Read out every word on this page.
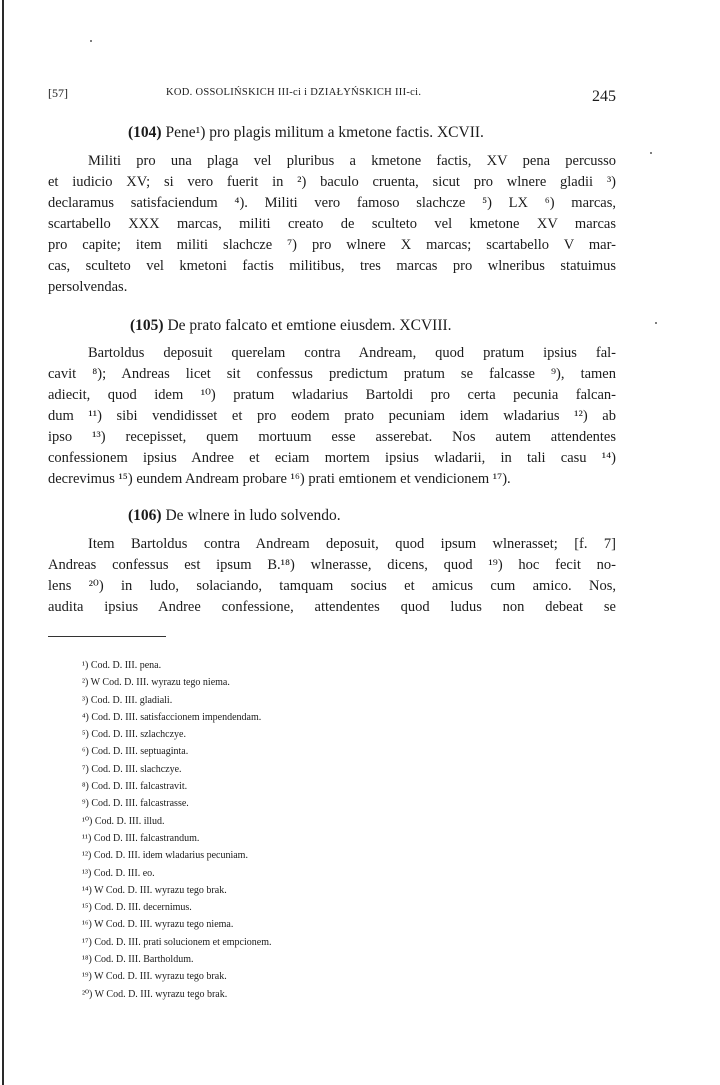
[57]	KOD. OSSOLIŃSKICH III-ci i DZIAŁYŃSKICH III-ci.	245
(104) Pene¹) pro plagis militum a kmetone factis. XCVII.
Militi pro una plaga vel pluribus a kmetone factis, XV pena percusso
et iudicio XV; si vero fuerit in ²) baculo cruenta, sicut pro wlnere gladii ³)
declaramus satisfaciendum ⁴). Militi vero famoso slachcze ⁵) LX ⁶) marcas,
scartabello XXX marcas, militi creato de sculteto vel kmetone XV marcas
pro capite; item militi slachcze ⁷) pro wlnere X marcas; scartabello V mar-
cas, sculteto vel kmetoni factis militibus, tres marcas pro wlneribus statuimus
persolvendas.
(105) De prato falcato et emtione eiusdem. XCVIII.
Bartoldus deposuit querelam contra Andream, quod pratum ipsius fal-
cavit ⁸); Andreas licet sit confessus predictum pratum se falcasse ⁹), tamen
adiecit, quod idem ¹⁰) pratum wladarius Bartoldi pro certa pecunia falcan-
dum ¹¹) sibi vendidisset et pro eodem prato pecuniam idem wladarius ¹²) ab
ipso ¹³) recepisset, quem mortuum esse asserebat. Nos autem attendentes
confessionem ipsius Andree et eciam mortem ipsius wladarii, in tali casu ¹⁴)
decrevimus ¹⁵) eundem Andream probare ¹⁶) prati emtionem et vendicionem ¹⁷).
(106) De wlnere in ludo solvendo.
Item Bartoldus contra Andream deposuit, quod ipsum wlnerasset; [f. 7]
Andreas confessus est ipsum B.¹⁸) wlnerasse, dicens, quod ¹⁹) hoc fecit no-
lens ²⁰) in ludo, solaciando, tamquam socius et amicus cum amico. Nos,
audita ipsius Andree confessione, attendentes quod ludus non debeat se
¹) Cod. D. III. pena.
²) W Cod. D. III. wyrazu tego niema.
³) Cod. D. III. gladiali.
⁴) Cod. D. III. satisfaccionem impendendam.
⁵) Cod. D. III. szlachczye.
⁶) Cod. D. III. septuaginta.
⁷) Cod. D. III. slachczye.
⁸) Cod. D. III. falcastravit.
⁹) Cod. D. III. falcastrasse.
¹⁰) Cod. D. III. illud.
¹¹) Cod D. III. falcastrandum.
¹²) Cod. D. III. idem wladarius pecuniam.
¹³) Cod. D. III. eo.
¹⁴) W Cod. D. III. wyrazu tego brak.
¹⁵) Cod. D. III. decernimus.
¹⁶) W Cod. D. III. wyrazu tego niema.
¹⁷) Cod. D. III. prati solucionem et empcionem.
¹⁸) Cod. D. III. Bartholdum.
¹⁹) W Cod. D. III. wyrazu tego brak.
²⁰) W Cod. D. III. wyrazu tego brak.
